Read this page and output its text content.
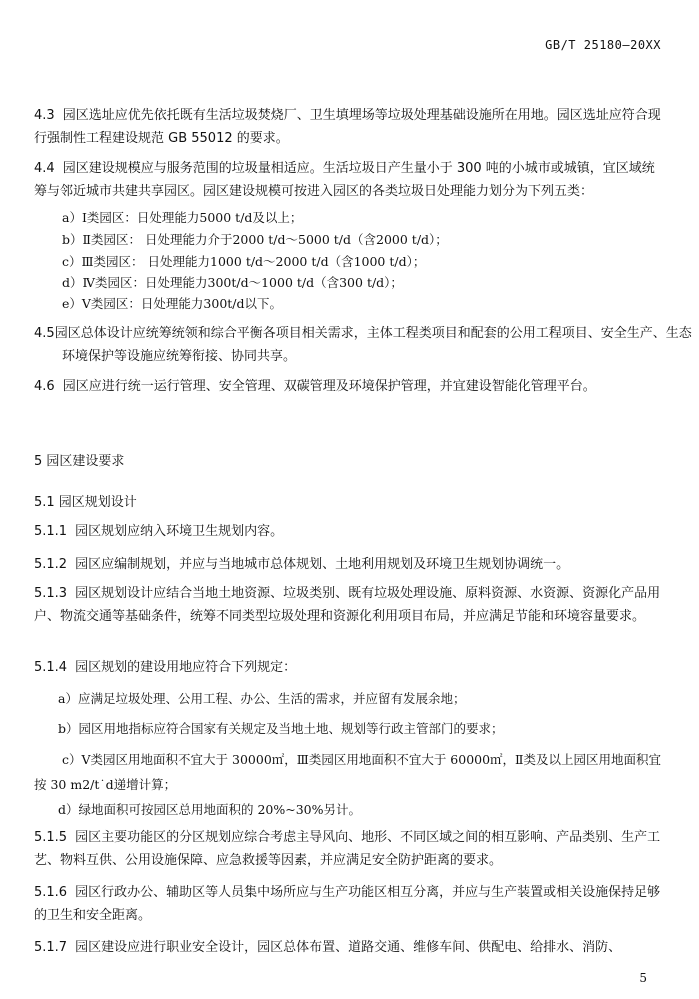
GB/T 25180—20XX

4.3 园区选址应优先依托既有生活垃圾焚烧厂、卫生填埋场等垃圾处理基础设施所在用地。园区选址应符合现行强制性工程建设规范 GB 55012 的要求。

4.4 园区建设规模应与服务范围的垃圾量相适应。生活垃圾日产生量小于 300 吨的小城市或城镇，宜区域统筹与邻近城市共建共享园区。园区建设规模可按进入园区的各类垃圾日处理能力划分为下列五类：

a）Ⅰ类园区：日处理能力5000 t/d及以上；
b）Ⅱ类园区： 日处理能力介于2000 t/d～5000 t/d（含2000 t/d）；
c）Ⅲ类园区： 日处理能力1000 t/d～2000 t/d（含1000 t/d）；
d）Ⅳ类园区：日处理能力300t/d～1000 t/d（含300 t/d）；
e）Ⅴ类园区：日处理能力300t/d以下。

4.5园区总体设计应统筹统领和综合平衡各项目相关需求，主体工程类项目和配套的公用工程项目、安全生产、生态环境保护等设施应统筹衔接、协同共享。

4.6 园区应进行统一运行管理、安全管理、双碳管理及环境保护管理，并宜建设智能化管理平台。

5 园区建设要求
5.1 园区规划设计

5.1.1 园区规划应纳入环境卫生规划内容。

5.1.2 园区应编制规划，并应与当地城市总体规划、土地利用规划及环境卫生规划协调统一。

5.1.3 园区规划设计应结合当地土地资源、垃圾类别、既有垃圾处理设施、原料资源、水资源、资源化产品用户、物流交通等基础条件，统筹不同类型垃圾处理和资源化利用项目布局，并应满足节能和环境容量要求。

5.1.4 园区规划的建设用地应符合下列规定：

a）应满足垃圾处理、公用工程、办公、生活的需求，并应留有发展余地；

b）园区用地指标应符合国家有关规定及当地土地、规划等行政主管部门的要求；

c）Ⅴ类园区用地面积不宜大于 30000㎡，Ⅲ类园区用地面积不宜大于 60000㎡，Ⅱ类及以上园区用地面积宜按 30 m2/t˙d递增计算；

d）绿地面积可按园区总用地面积的 20%~30%另计。

5.1.5 园区主要功能区的分区规划应综合考虑主导风向、地形、不同区域之间的相互影响、产品类别、生产工艺、物料互供、公用设施保障、应急救援等因素，并应满足安全防护距离的要求。

5.1.6 园区行政办公、辅助区等人员集中场所应与生产功能区相互分离，并应与生产装置或相关设施保持足够的卫生和安全距离。

5.1.7 园区建设应进行职业安全设计，园区总体布置、道路交通、维修车间、供配电、给排水、消防、

5
